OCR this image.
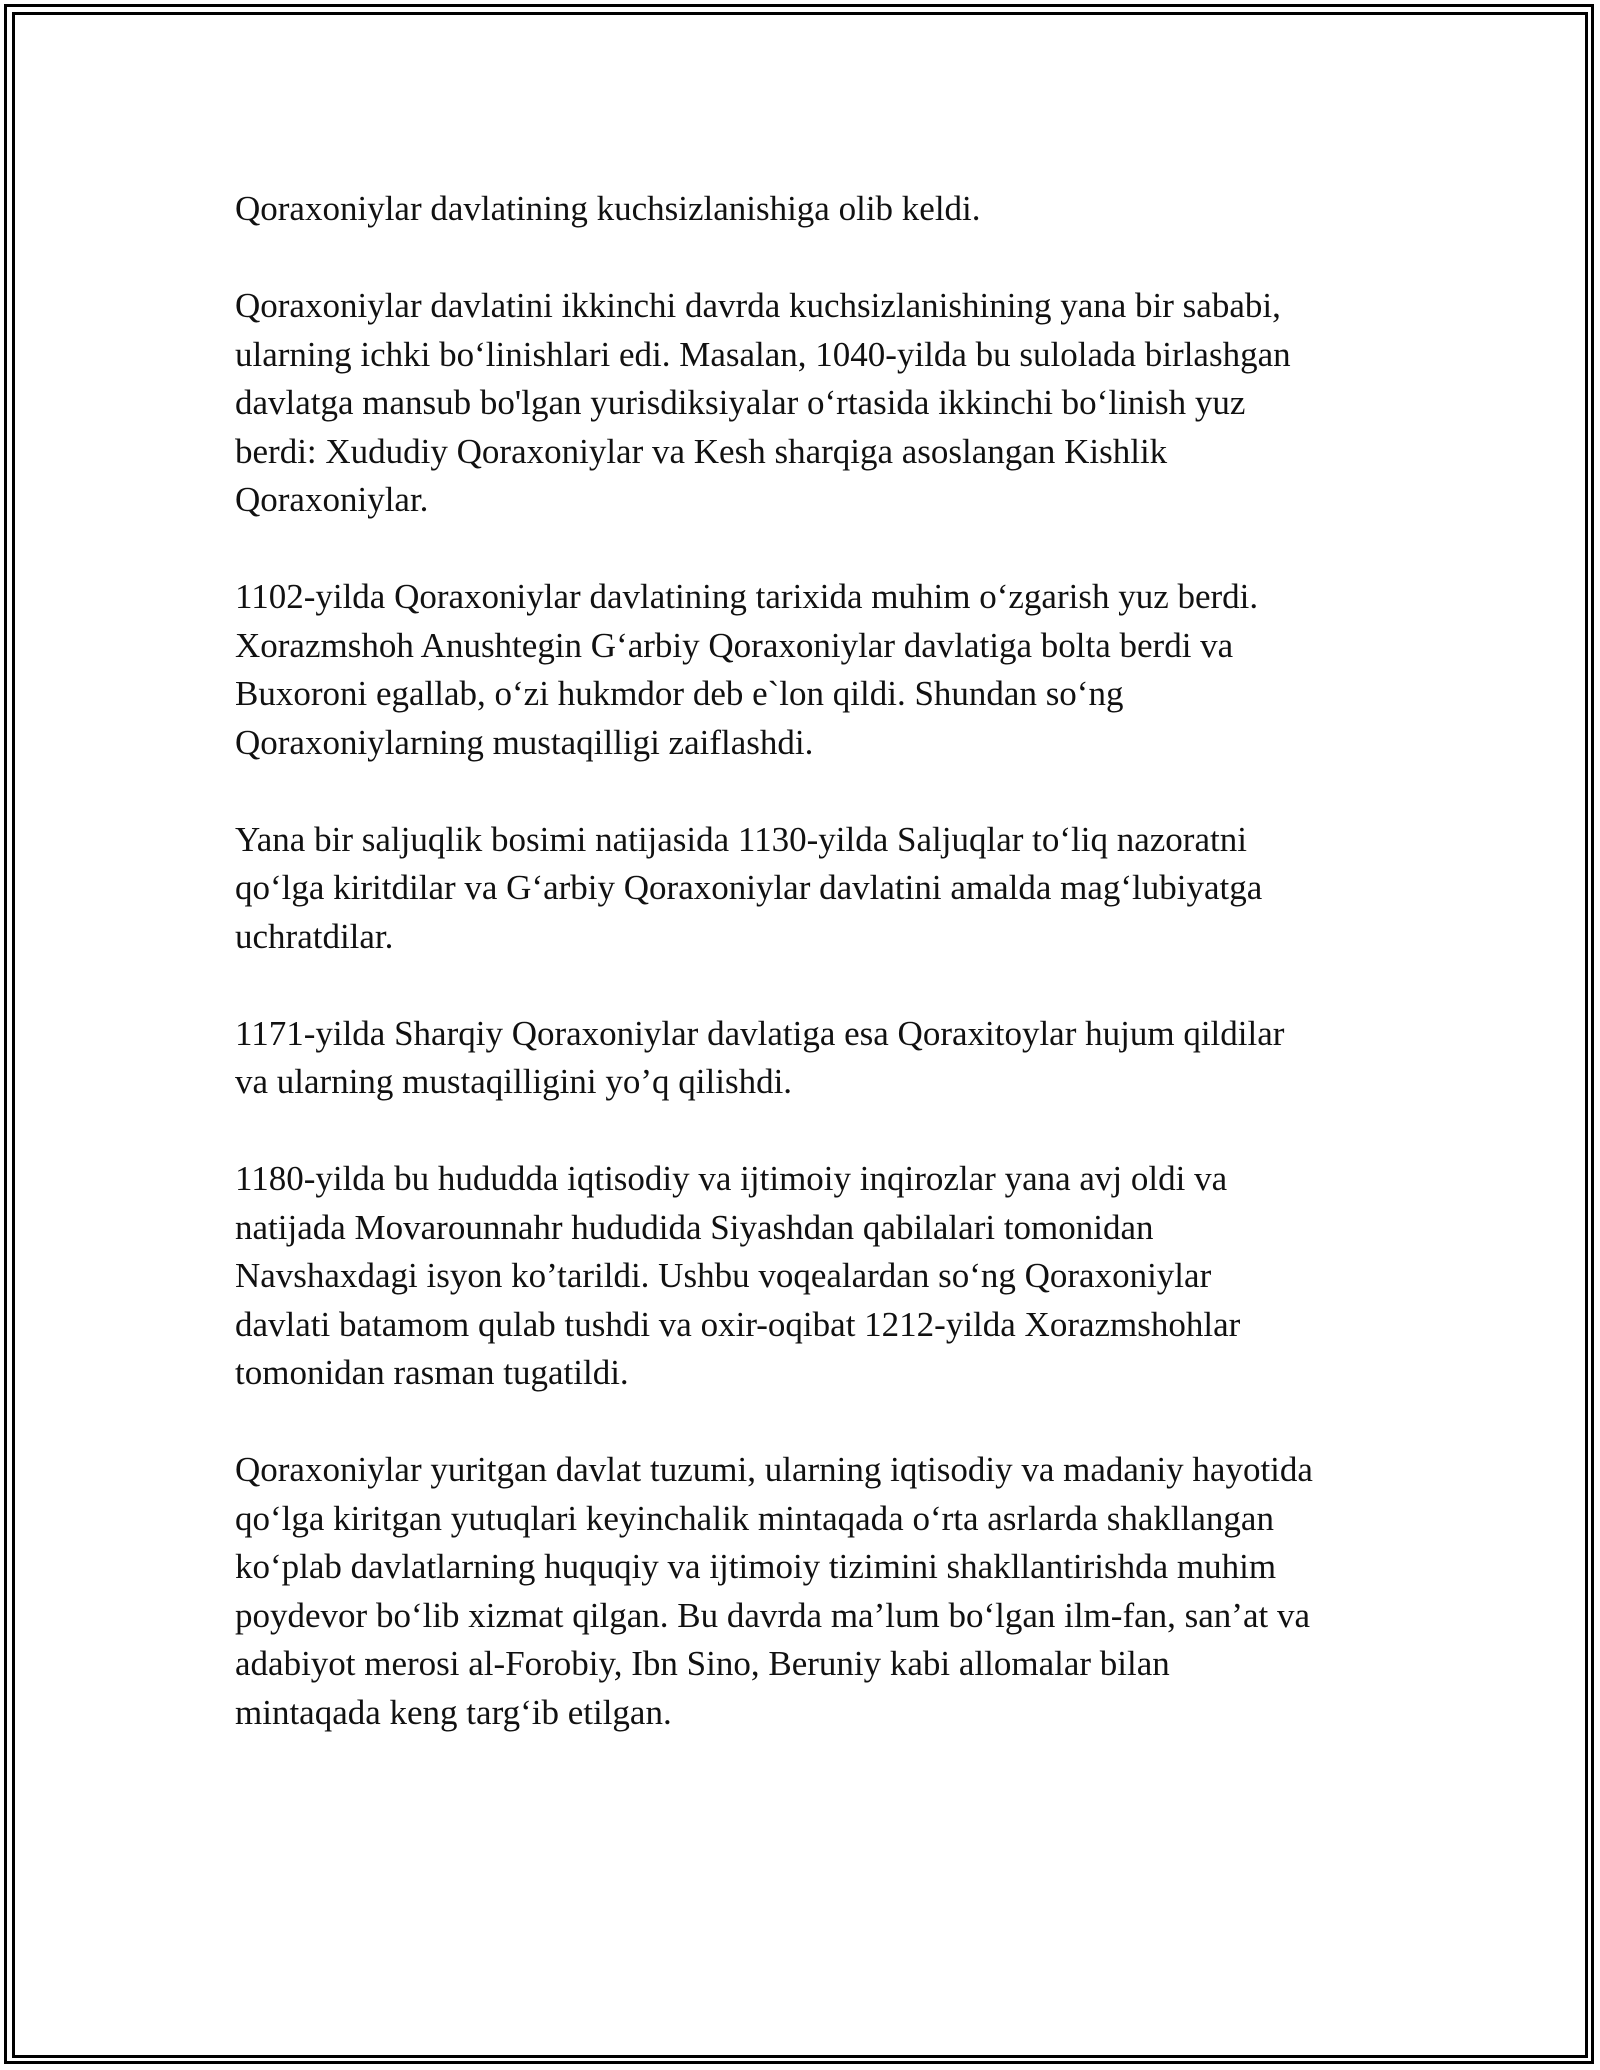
Qoraxoniylar davlatining kuchsizlanishiga olib keldi.

Qoraxoniylar davlatini ikkinchi davrda kuchsizlanishining yana bir sababi,
ularning ichki bo‘linishlari edi. Masalan, 1040-yilda bu sulolada birlashgan
davlatga mansub bo'lgan yurisdiksiyalar o‘rtasida ikkinchi bo‘linish yuz
berdi: Xududiy Qoraxoniylar va Kesh sharqiga asoslangan Kishlik
Qoraxoniylar.

1102-yilda Qoraxoniylar davlatining tarixida muhim o‘zgarish yuz berdi.
Xorazmshoh Anushtegin G‘arbiy Qoraxoniylar davlatiga bolta berdi va
Buxoroni egallab, o‘zi hukmdor deb e`lon qildi. Shundan so‘ng
Qoraxoniylarning mustaqilligi zaiflashdi.

Yana bir saljuqlik bosimi natijasida 1130-yilda Saljuqlar to‘liq nazoratni
qo‘lga kiritdilar va G‘arbiy Qoraxoniylar davlatini amalda mag‘lubiyatga
uchratdilar.

1171-yilda Sharqiy Qoraxoniylar davlatiga esa Qoraxitoylar hujum qildilar
va ularning mustaqilligini yo’q qilishdi.

1180-yilda bu hududda iqtisodiy va ijtimoiy inqirozlar yana avj oldi va
natijada Movarounnahr hududida Siyashdan qabilalari tomonidan
Navshaxdagi isyon ko’tarildi. Ushbu voqealardan so‘ng Qoraxoniylar
davlati batamom qulab tushdi va oxir-oqibat 1212-yilda Xorazmshohlar
tomonidan rasman tugatildi.

Qoraxoniylar yuritgan davlat tuzumi, ularning iqtisodiy va madaniy hayotida
qo‘lga kiritgan yutuqlari keyinchalik mintaqada o‘rta asrlarda shakllangan
ko‘plab davlatlarning huquqiy va ijtimoiy tizimini shakllantirishda muhim
poydevor bo‘lib xizmat qilgan. Bu davrda ma’lum bo‘lgan ilm-fan, san’at va
adabiyot merosi al-Forobiy, Ibn Sino, Beruniy kabi allomalar bilan
mintaqada keng targ‘ib etilgan.
